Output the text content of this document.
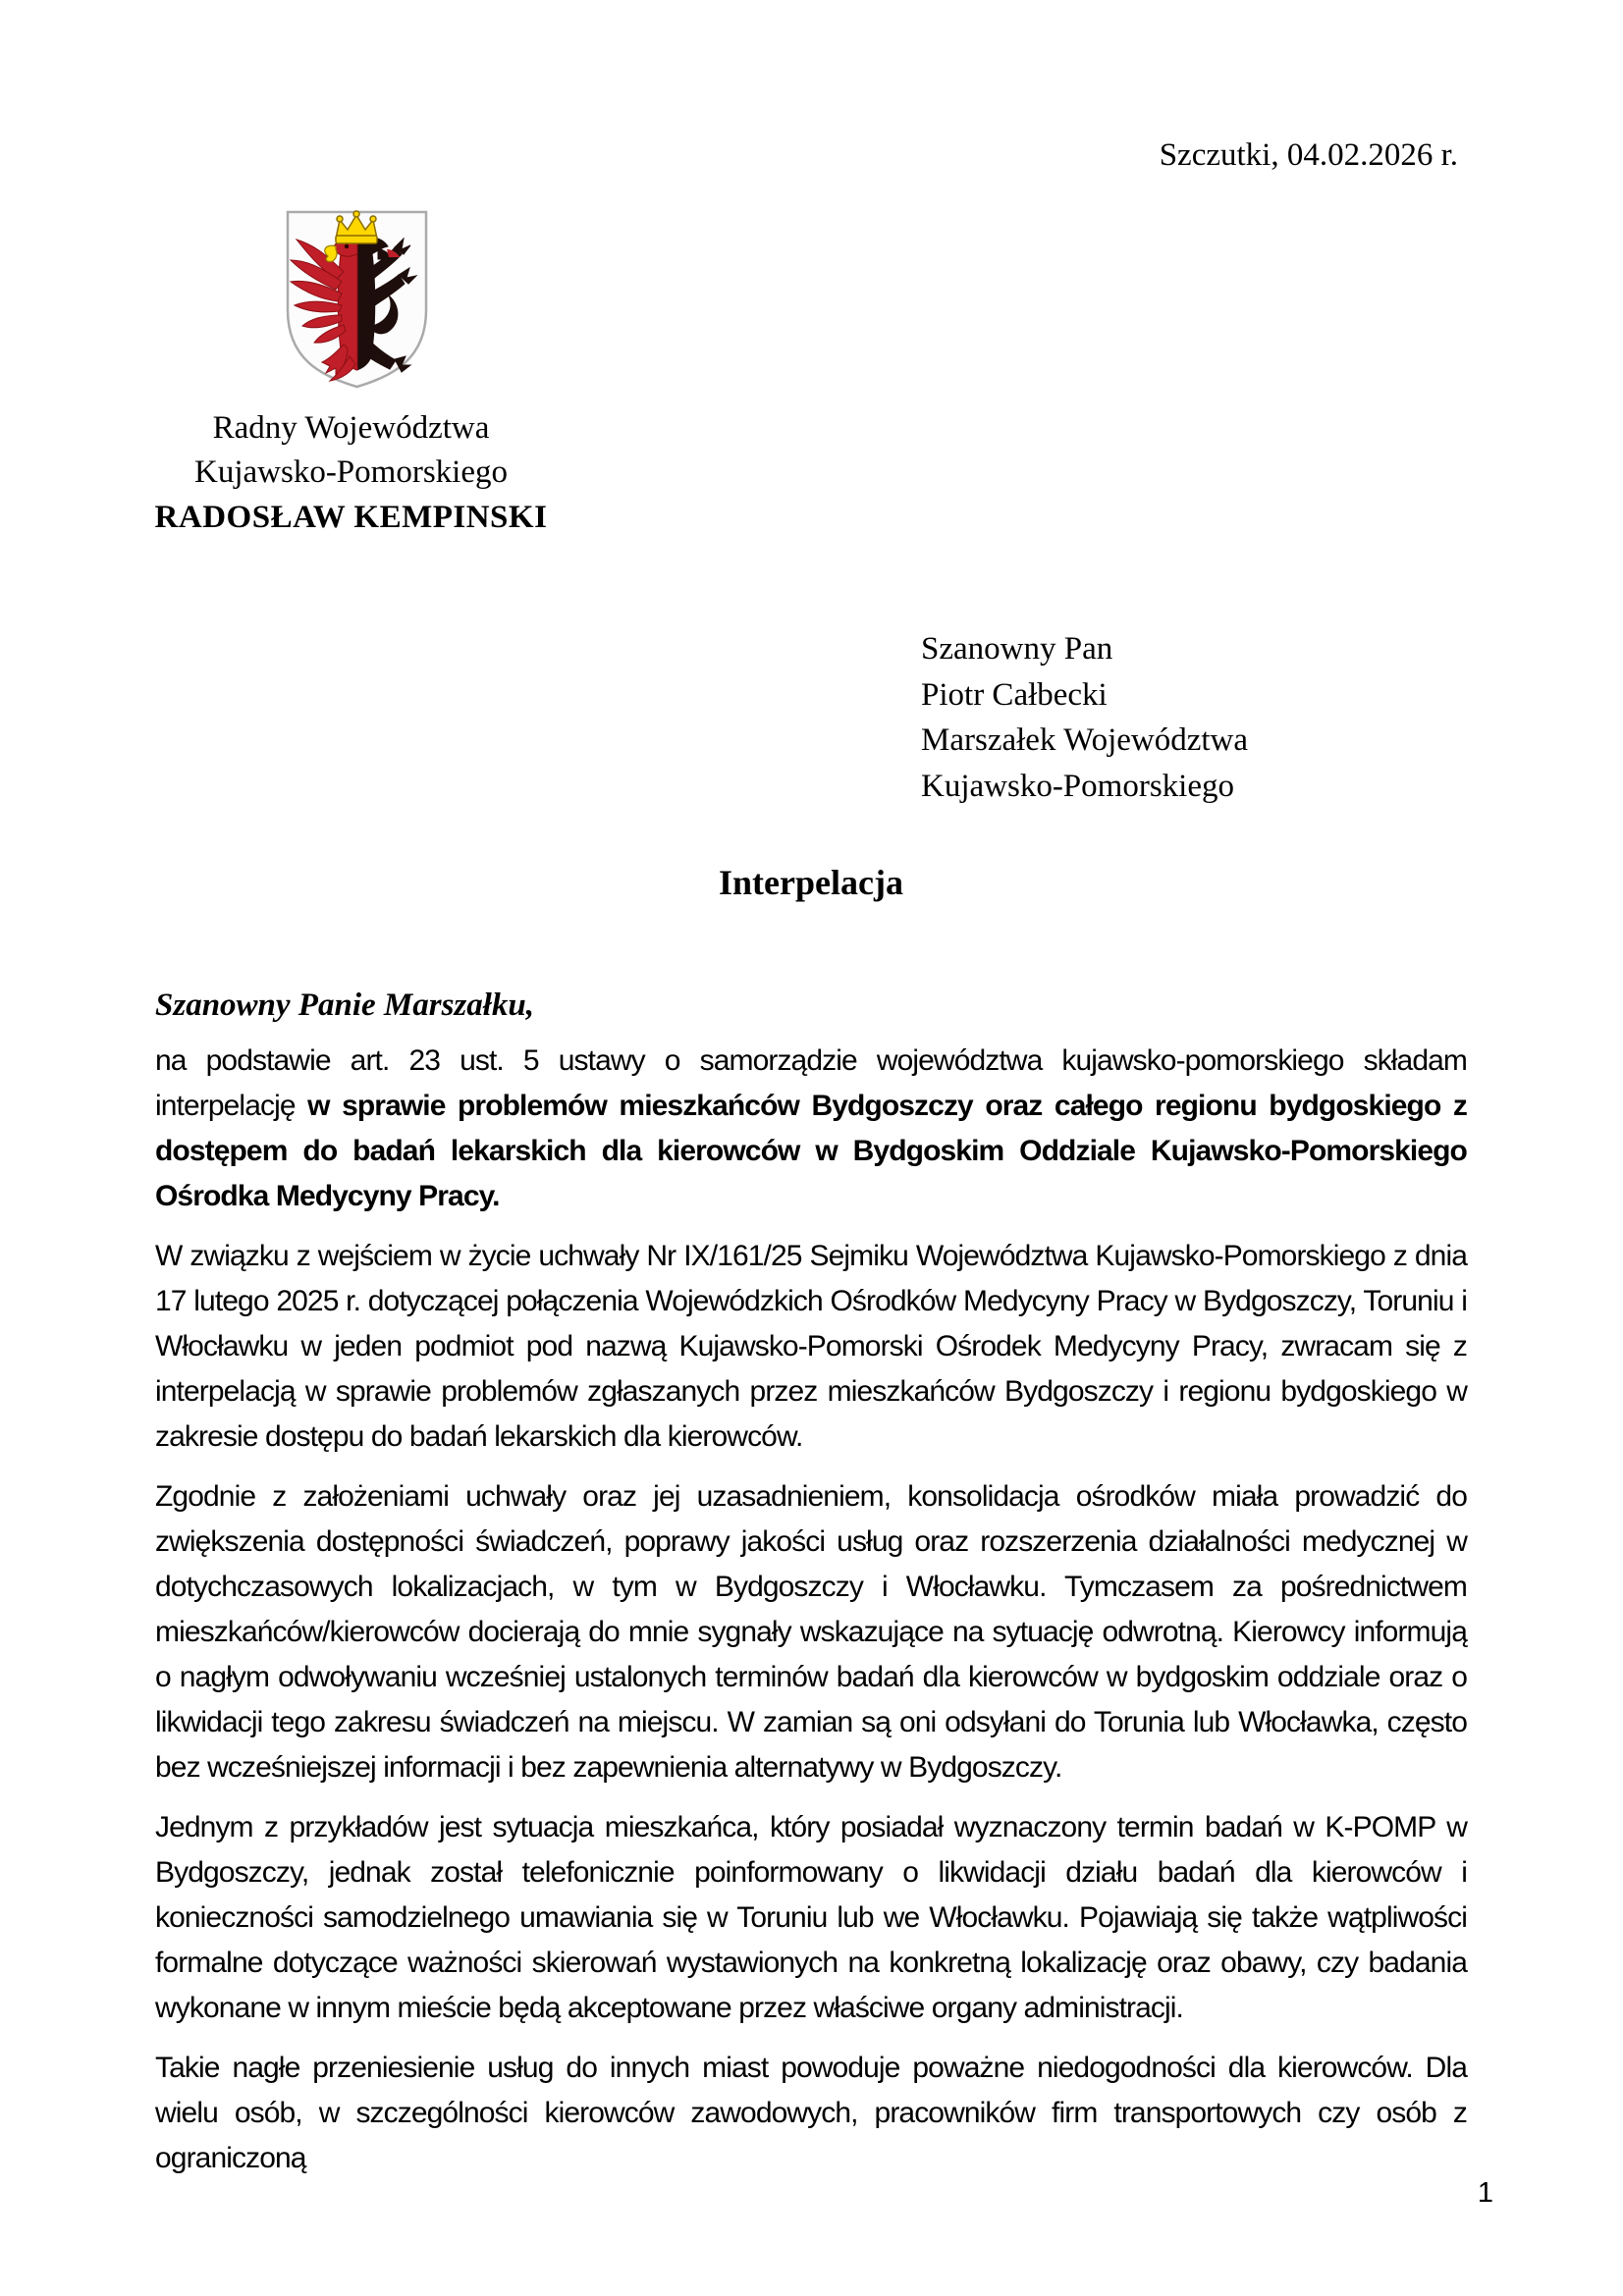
Szczutki, 04.02.2026 r.
Radny Województwa
Kujawsko-Pomorskiego
RADOSŁAW KEMPINSKI
Szanowny Pan
Piotr Całbecki
Marszałek Województwa
Kujawsko-Pomorskiego
Interpelacja
Szanowny Panie Marszałku,

na podstawie art. 23 ust. 5 ustawy o samorządzie województwa kujawsko-pomorskiego składam interpelację w sprawie problemów mieszkańców Bydgoszczy oraz całego regionu bydgoskiego z dostępem do badań lekarskich dla kierowców w Bydgoskim Oddziale Kujawsko-Pomorskiego Ośrodka Medycyny Pracy.

W związku z wejściem w życie uchwały Nr IX/161/25 Sejmiku Województwa Kujawsko-Pomorskiego z dnia 17 lutego 2025 r. dotyczącej połączenia Wojewódzkich Ośrodków Medycyny Pracy w Bydgoszczy, Toruniu i Włocławku w jeden podmiot pod nazwą Kujawsko-Pomorski Ośrodek Medycyny Pracy, zwracam się z interpelacją w sprawie problemów zgłaszanych przez mieszkańców Bydgoszczy i regionu bydgoskiego w zakresie dostępu do badań lekarskich dla kierowców.

Zgodnie z założeniami uchwały oraz jej uzasadnieniem, konsolidacja ośrodków miała prowadzić do zwiększenia dostępności świadczeń, poprawy jakości usług oraz rozszerzenia działalności medycznej w dotychczasowych lokalizacjach, w tym w Bydgoszczy i Włocławku. Tymczasem za pośrednictwem mieszkańców/kierowców docierają do mnie sygnały wskazujące na sytuację odwrotną. Kierowcy informują o nagłym odwoływaniu wcześniej ustalonych terminów badań dla kierowców w bydgoskim oddziale oraz o likwidacji tego zakresu świadczeń na miejscu. W zamian są oni odsyłani do Torunia lub Włocławka, często bez wcześniejszej informacji i bez zapewnienia alternatywy w Bydgoszczy.

Jednym z przykładów jest sytuacja mieszkańca, który posiadał wyznaczony termin badań w K-POMP w Bydgoszczy, jednak został telefonicznie poinformowany o likwidacji działu badań dla kierowców i konieczności samodzielnego umawiania się w Toruniu lub we Włocławku. Pojawiają się także wątpliwości formalne dotyczące ważności skierowań wystawionych na konkretną lokalizację oraz obawy, czy badania wykonane w innym mieście będą akceptowane przez właściwe organy administracji.

Takie nagłe przeniesienie usług do innych miast powoduje poważne niedogodności dla kierowców. Dla wielu osób, w szczególności kierowców zawodowych, pracowników firm transportowych czy osób z ograniczoną

1
